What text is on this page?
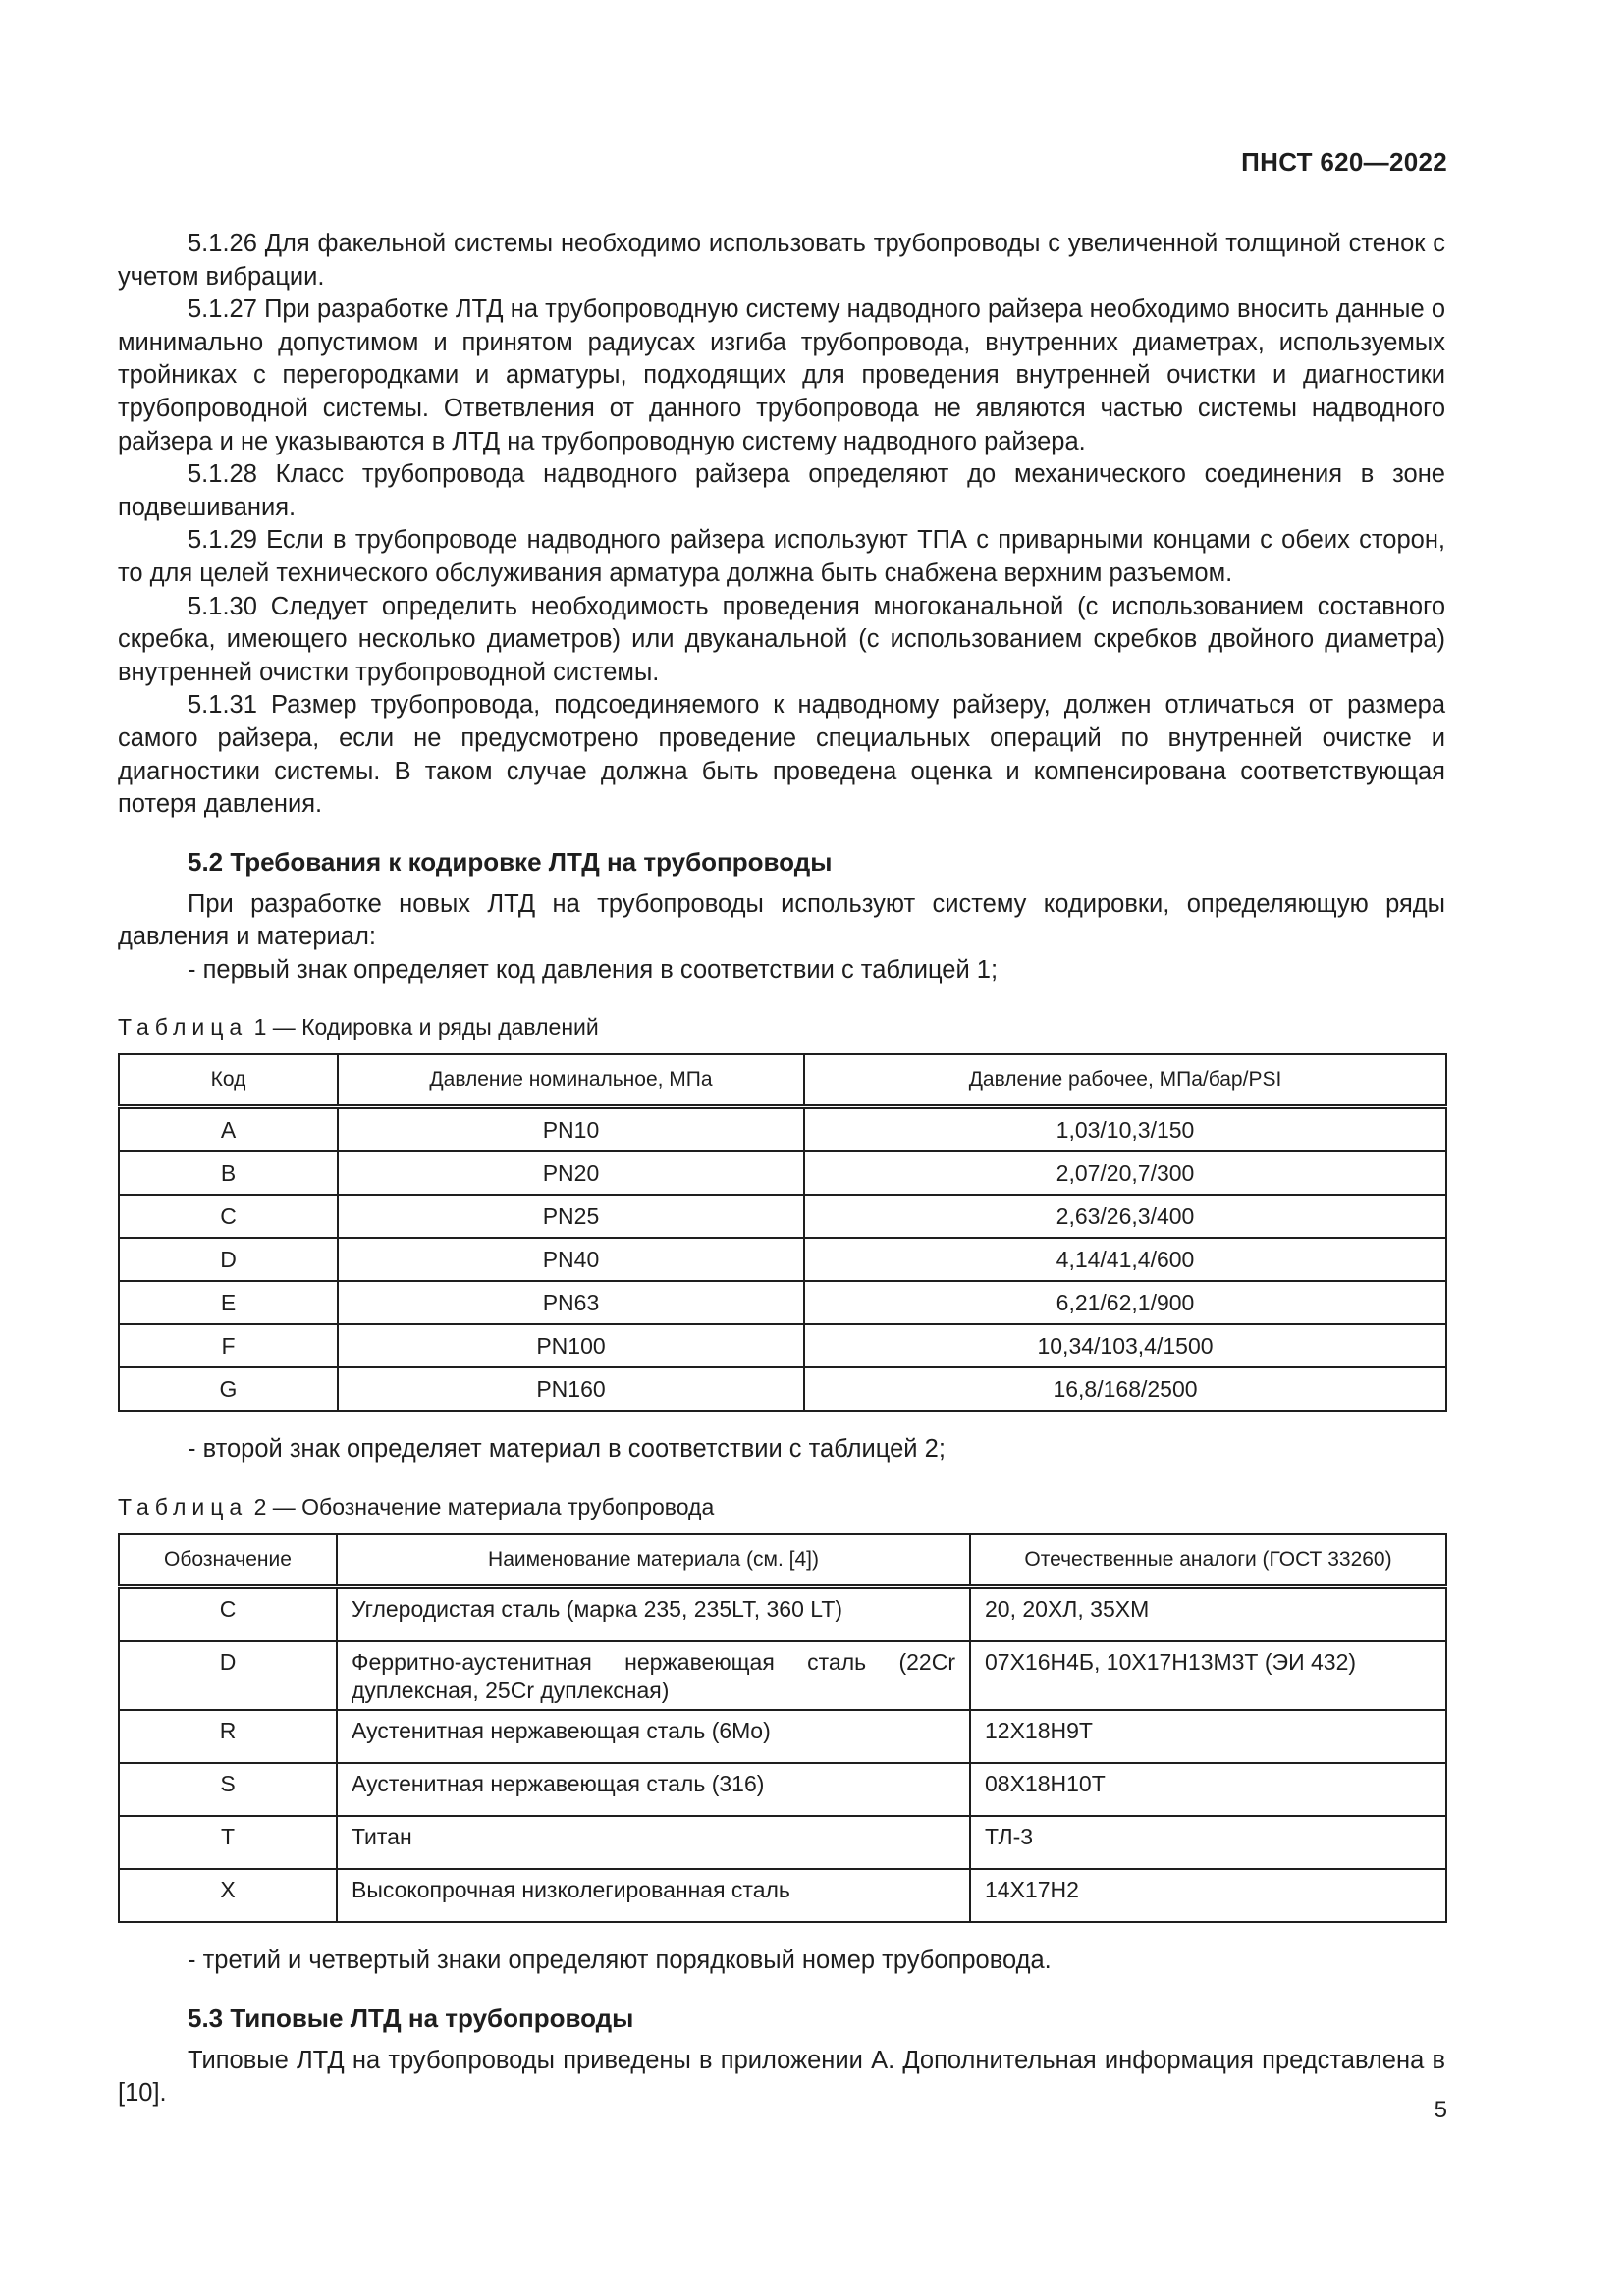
ПНСТ 620—2022

5.1.26 Для факельной системы необходимо использовать трубопроводы с увеличенной толщиной стенок с учетом вибрации.

5.1.27 При разработке ЛТД на трубопроводную систему надводного райзера необходимо вносить данные о минимально допустимом и принятом радиусах изгиба трубопровода, внутренних диаметрах, используемых тройниках с перегородками и арматуры, подходящих для проведения внутренней очистки и диагностики трубопроводной системы. Ответвления от данного трубопровода не являются частью системы надводного райзера и не указываются в ЛТД на трубопроводную систему надводного райзера.

5.1.28 Класс трубопровода надводного райзера определяют до механического соединения в зоне подвешивания.

5.1.29 Если в трубопроводе надводного райзера используют ТПА с приварными концами с обеих сторон, то для целей технического обслуживания арматура должна быть снабжена верхним разъемом.

5.1.30 Следует определить необходимость проведения многоканальной (с использованием составного скребка, имеющего несколько диаметров) или двуканальной (с использованием скребков двойного диаметра) внутренней очистки трубопроводной системы.

5.1.31 Размер трубопровода, подсоединяемого к надводному райзеру, должен отличаться от размера самого райзера, если не предусмотрено проведение специальных операций по внутренней очистке и диагностики системы. В таком случае должна быть проведена оценка и компенсирована соответствующая потеря давления.

5.2 Требования к кодировке ЛТД на трубопроводы

При разработке новых ЛТД на трубопроводы используют систему кодировки, определяющую ряды давления и материал:

- первый знак определяет код давления в соответствии с таблицей 1;

Таблица 1 — Кодировка и ряды давлений
Код	Давление номинальное, МПа	Давление рабочее, МПа/бар/PSI
A	PN10	1,03/10,3/150
B	PN20	2,07/20,7/300
C	PN25	2,63/26,3/400
D	PN40	4,14/41,4/600
E	PN63	6,21/62,1/900
F	PN100	10,34/103,4/1500
G	PN160	16,8/168/2500

- второй знак определяет материал в соответствии с таблицей 2;

Таблица 2 — Обозначение материала трубопровода
Обозначение	Наименование материала (см. [4])	Отечественные аналоги (ГОСТ 33260)
C	Углеродистая сталь (марка 235, 235LT, 360 LT)	20, 20ХЛ, 35ХМ
D	Ферритно-аустенитная нержавеющая сталь (22Cr дуплексная, 25Cr дуплексная)	07Х16Н4Б, 10Х17Н13М3Т (ЭИ 432)
R	Аустенитная нержавеющая сталь (6Mo)	12Х18Н9Т
S	Аустенитная нержавеющая сталь (316)	08Х18Н10Т
T	Титан	ТЛ-3
X	Высокопрочная низколегированная сталь	14Х17Н2

- третий и четвертый знаки определяют порядковый номер трубопровода.

5.3 Типовые ЛТД на трубопроводы

Типовые ЛТД на трубопроводы приведены в приложении А. Дополнительная информация представлена в [10].

5
